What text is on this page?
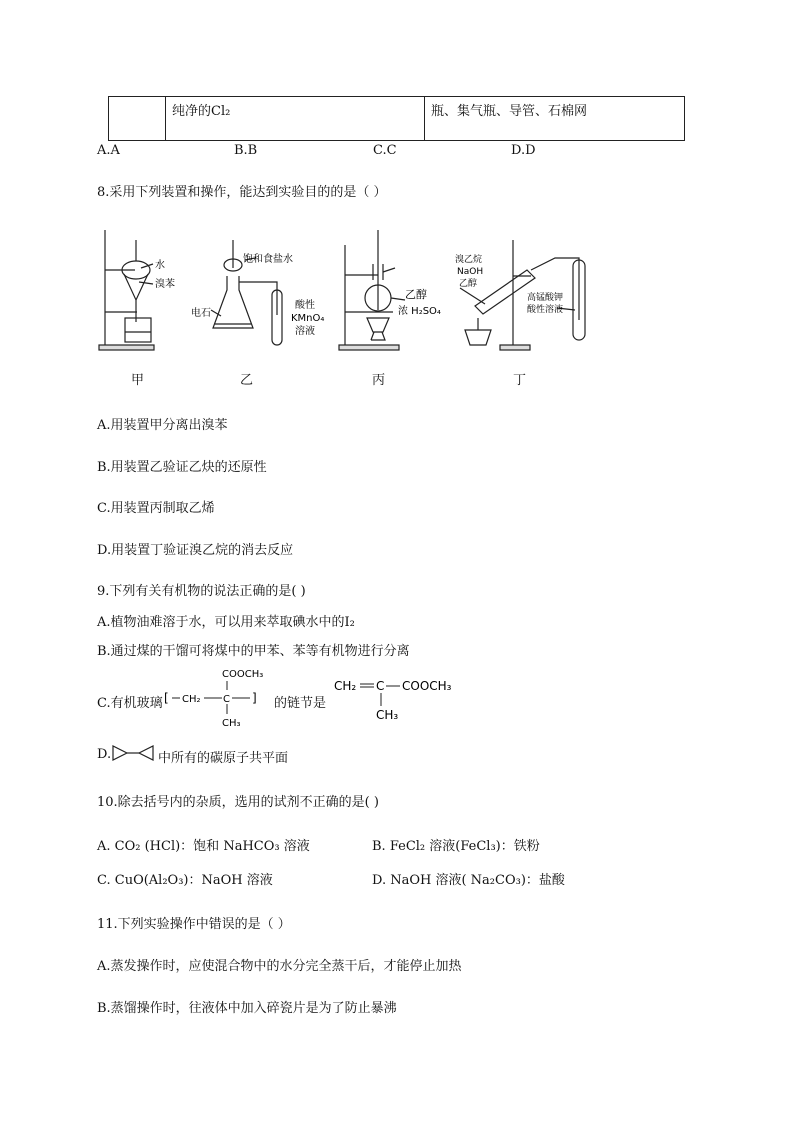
	纯净的Cl₂	瓶、集气瓶、导管、石棉网
A.A	B.B	C.C	D.D
8.采用下列装置和操作，能达到实验目的的是（ ）
水
溴苯
饱和食盐水
电石
酸性
KMnO₄
溶液
乙醇
浓 H₂SO₄
溴乙烷
NaOH
乙醇
高锰酸钾
酸性溶液
甲	乙	丙	丁
A.用装置甲分离出溴苯
B.用装置乙验证乙炔的还原性
C.用装置丙制取乙烯
D.用装置丁验证溴乙烷的消去反应
9.下列有关有机物的说法正确的是( )
A.植物油难溶于水，可以用来萃取碘水中的I₂
B.通过煤的干馏可将煤中的甲苯、苯等有机物进行分离
C.有机玻璃
COOCH₃
[ CH₂ C ]
CH₃
的链节是
CH₂ C COOCH₃
CH₃
D.	中所有的碳原子共平面
10.除去括号内的杂质，选用的试剂不正确的是( )
A. CO₂ (HCl)：饱和 NaHCO₃ 溶液	B. FeCl₂ 溶液(FeCl₃)：铁粉
C. CuO(Al₂O₃)：NaOH 溶液	D. NaOH 溶液( Na₂CO₃)：盐酸
11.下列实验操作中错误的是（ ）
A.蒸发操作时，应使混合物中的水分完全蒸干后，才能停止加热
B.蒸馏操作时，往液体中加入碎瓷片是为了防止暴沸
